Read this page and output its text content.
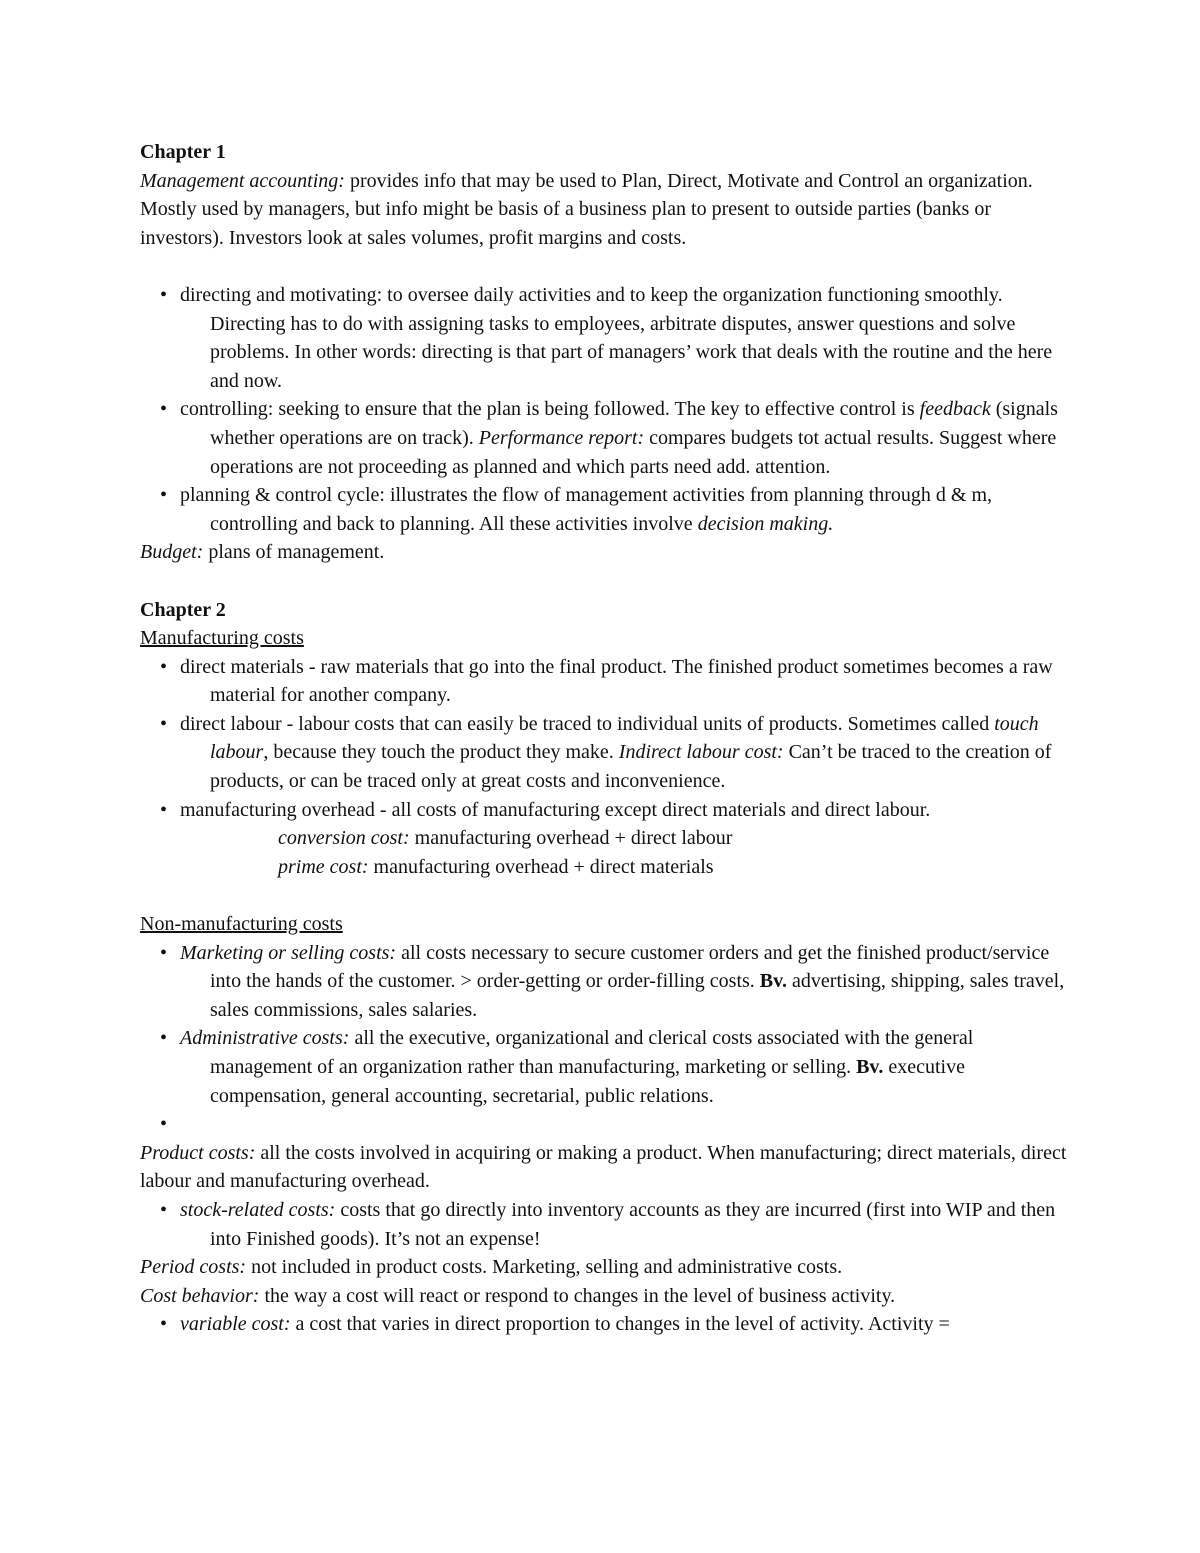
Chapter 1

Management accounting: provides info that may be used to Plan, Direct, Motivate and Control an organization. Mostly used by managers, but info might be basis of a business plan to present to outside parties (banks or investors). Investors look at sales volumes, profit margins and costs.

• directing and motivating: to oversee daily activities and to keep the organization functioning smoothly. Directing has to do with assigning tasks to employees, arbitrate disputes, answer questions and solve problems. In other words: directing is that part of managers’ work that deals with the routine and the here and now.

• controlling: seeking to ensure that the plan is being followed. The key to effective control is feedback (signals whether operations are on track). Performance report: compares budgets tot actual results. Suggest where operations are not proceeding as planned and which parts need add. attention.

• planning & control cycle: illustrates the flow of management activities from planning through d & m, controlling and back to planning. All these activities involve decision making.

Budget: plans of management.

Chapter 2

Manufacturing costs

• direct materials - raw materials that go into the final product. The finished product sometimes becomes a raw material for another company.

• direct labour - labour costs that can easily be traced to individual units of products. Sometimes called touch labour, because they touch the product they make. Indirect labour cost: Can’t be traced to the creation of products, or can be traced only at great costs and inconvenience.

• manufacturing overhead - all costs of manufacturing except direct materials and direct labour.

conversion cost: manufacturing overhead + direct labour

prime cost: manufacturing overhead + direct materials

Non-manufacturing costs

• Marketing or selling costs: all costs necessary to secure customer orders and get the finished product/service into the hands of the customer. > order-getting or order-filling costs. Bv. advertising, shipping, sales travel, sales commissions, sales salaries.

• Administrative costs: all the executive, organizational and clerical costs associated with the general management of an organization rather than manufacturing, marketing or selling. Bv. executive compensation, general accounting, secretarial, public relations.

•

Product costs: all the costs involved in acquiring or making a product. When manufacturing; direct materials, direct labour and manufacturing overhead.

• stock-related costs: costs that go directly into inventory accounts as they are incurred (first into WIP and then into Finished goods). It’s not an expense!

Period costs: not included in product costs. Marketing, selling and administrative costs.

Cost behavior: the way a cost will react or respond to changes in the level of business activity.

• variable cost: a cost that varies in direct proportion to changes in the level of activity. Activity =
